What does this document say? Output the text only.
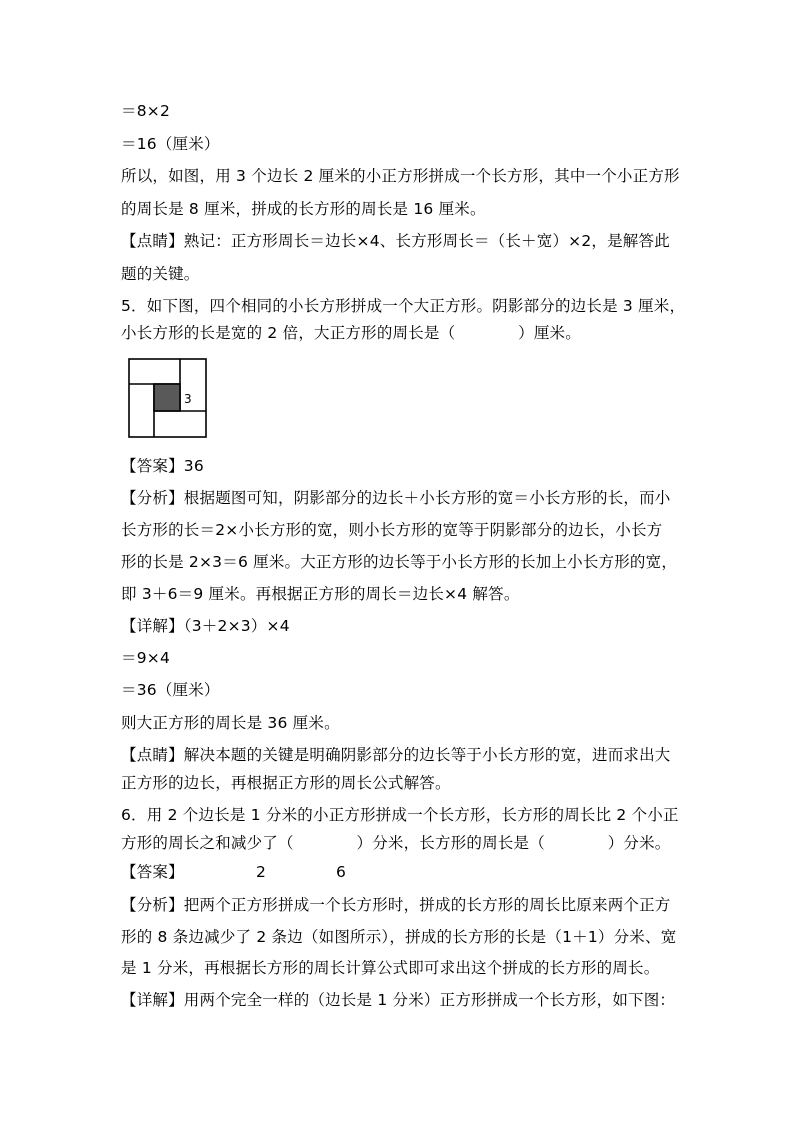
＝8×2
＝16（厘米）
所以，如图，用 3 个边长 2 厘米的小正方形拼成一个长方形，其中一个小正方形
的周长是 8 厘米，拼成的长方形的周长是 16 厘米。
【点睛】熟记：正方形周长＝边长×4、长方形周长＝（长＋宽）×2，是解答此
题的关键。
5．如下图，四个相同的小长方形拼成一个大正方形。阴影部分的边长是 3 厘米，
小长方形的长是宽的 2 倍，大正方形的周长是（　　　　）厘米。
3
【答案】36
【分析】根据题图可知，阴影部分的边长＋小长方形的宽＝小长方形的长，而小
长方形的长＝2×小长方形的宽，则小长方形的宽等于阴影部分的边长，小长方
形的长是 2×3＝6 厘米。大正方形的边长等于小长方形的长加上小长方形的宽，
即 3＋6＝9 厘米。再根据正方形的周长＝边长×4 解答。
【详解】（3＋2×3）×4
＝9×4
＝36（厘米）
则大正方形的周长是 36 厘米。
【点睛】解决本题的关键是明确阴影部分的边长等于小长方形的宽，进而求出大
正方形的边长，再根据正方形的周长公式解答。
6．用 2 个边长是 1 分米的小正方形拼成一个长方形，长方形的周长比 2 个小正
方形的周长之和减少了（　　　　）分米，长方形的周长是（　　　　）分米。
【答案】	2	6
【分析】把两个正方形拼成一个长方形时，拼成的长方形的周长比原来两个正方
形的 8 条边减少了 2 条边（如图所示），拼成的长方形的长是（1＋1）分米、宽
是 1 分米，再根据长方形的周长计算公式即可求出这个拼成的长方形的周长。
【详解】用两个完全一样的（边长是 1 分米）正方形拼成一个长方形，如下图：
